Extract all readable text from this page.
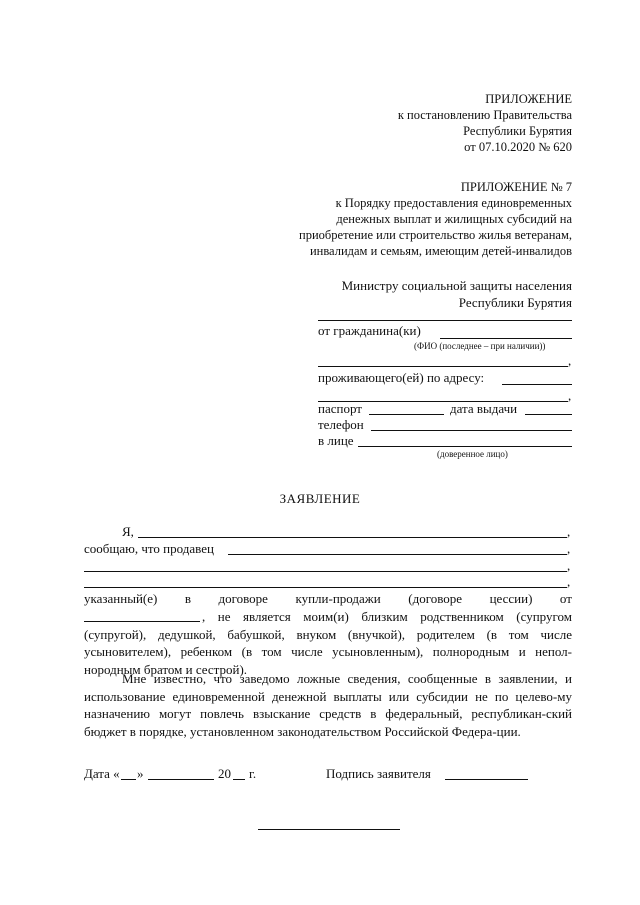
ПРИЛОЖЕНИЕ
к постановлению Правительства
Республики Бурятия
от 07.10.2020 № 620
ПРИЛОЖЕНИЕ № 7
к Порядку предоставления единовременных
денежных выплат и жилищных субсидий на
приобретение или строительство жилья ветеранам,
инвалидам и семьям, имеющим детей-инвалидов
Министру социальной защиты населения
Республики Бурятия
от гражданина(ки)
(ФИО (последнее – при наличии))
,
проживающего(ей) по адресу:
,
паспорт	дата выдачи
телефон
в лице
(доверенное лицо)
ЗАЯВЛЕНИЕ
Я,	,
сообщаю, что продавец	,
,
,
указанный(е) в договоре купли-продажи (договоре цессии) от
, не является моим(и) близким родственником (супругом (супругой), дедушкой, бабушкой, внуком (внучкой), родителем (в том числе усыновителем), ребенком (в том числе усыновленным), полнородным и непол-нородным братом и сестрой).
Мне известно, что заведомо ложные сведения, сообщенные в заявлении, и использование единовременной денежной выплаты или субсидии не по целево-му назначению могут повлечь взыскание средств в федеральный, республикан-ский бюджет в порядке, установленном законодательством Российской Федера-ции.
Дата « »	20 г.	Подпись заявителя
